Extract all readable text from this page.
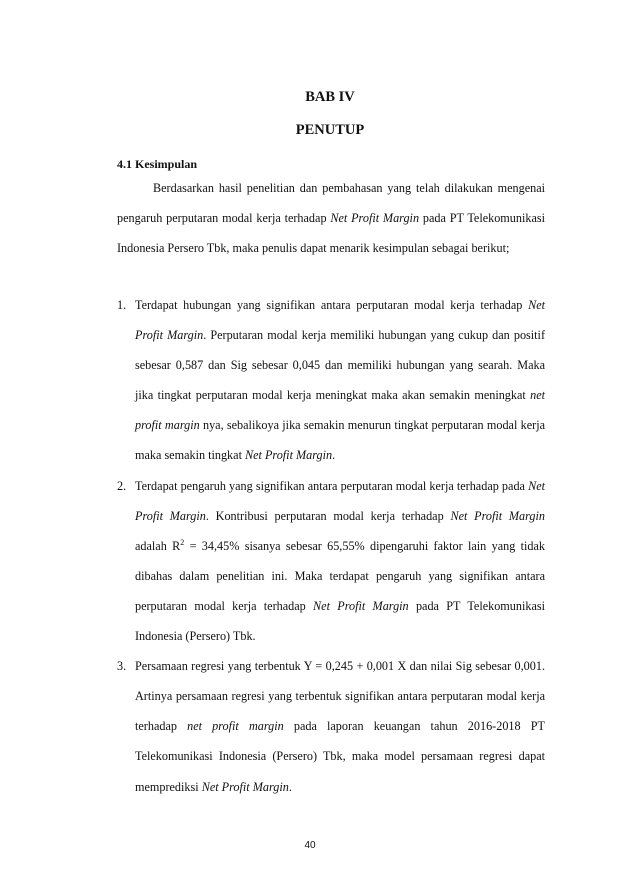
BAB IV
PENUTUP
4.1 Kesimpulan

Berdasarkan hasil penelitian dan pembahasan yang telah dilakukan mengenai pengaruh perputaran modal kerja terhadap Net Profit Margin pada PT Telekomunikasi Indonesia Persero Tbk, maka penulis dapat menarik kesimpulan sebagai berikut;

1. Terdapat hubungan yang signifikan antara perputaran modal kerja terhadap Net Profit Margin. Perputaran modal kerja memiliki hubungan yang cukup dan positif sebesar 0,587 dan Sig sebesar 0,045 dan memiliki hubungan yang searah. Maka jika tingkat perputaran modal kerja meningkat maka akan semakin meningkat net profit margin nya, sebalikoya jika semakin menurun tingkat perputaran modal kerja maka semakin tingkat Net Profit Margin.
2. Terdapat pengaruh yang signifikan antara perputaran modal kerja terhadap pada Net Profit Margin. Kontribusi perputaran modal kerja terhadap Net Profit Margin adalah $R^2 = 34,45\%$ sisanya sebesar 65,55% dipengaruhi faktor lain yang tidak dibahas dalam penelitian ini. Maka terdapat pengaruh yang signifikan antara perputaran modal kerja terhadap Net Profit Margin pada PT Telekomunikasi Indonesia (Persero) Tbk.
3. Persamaan regresi yang terbentuk Y = 0,245 + 0,001 X dan nilai Sig sebesar 0,001. Artinya persamaan regresi yang terbentuk signifikan antara perputaran modal kerja terhadap net profit margin pada laporan keuangan tahun 2016-2018 PT Telekomunikasi Indonesia (Persero) Tbk, maka model persamaan regresi dapat memprediksi Net Profit Margin.

40
